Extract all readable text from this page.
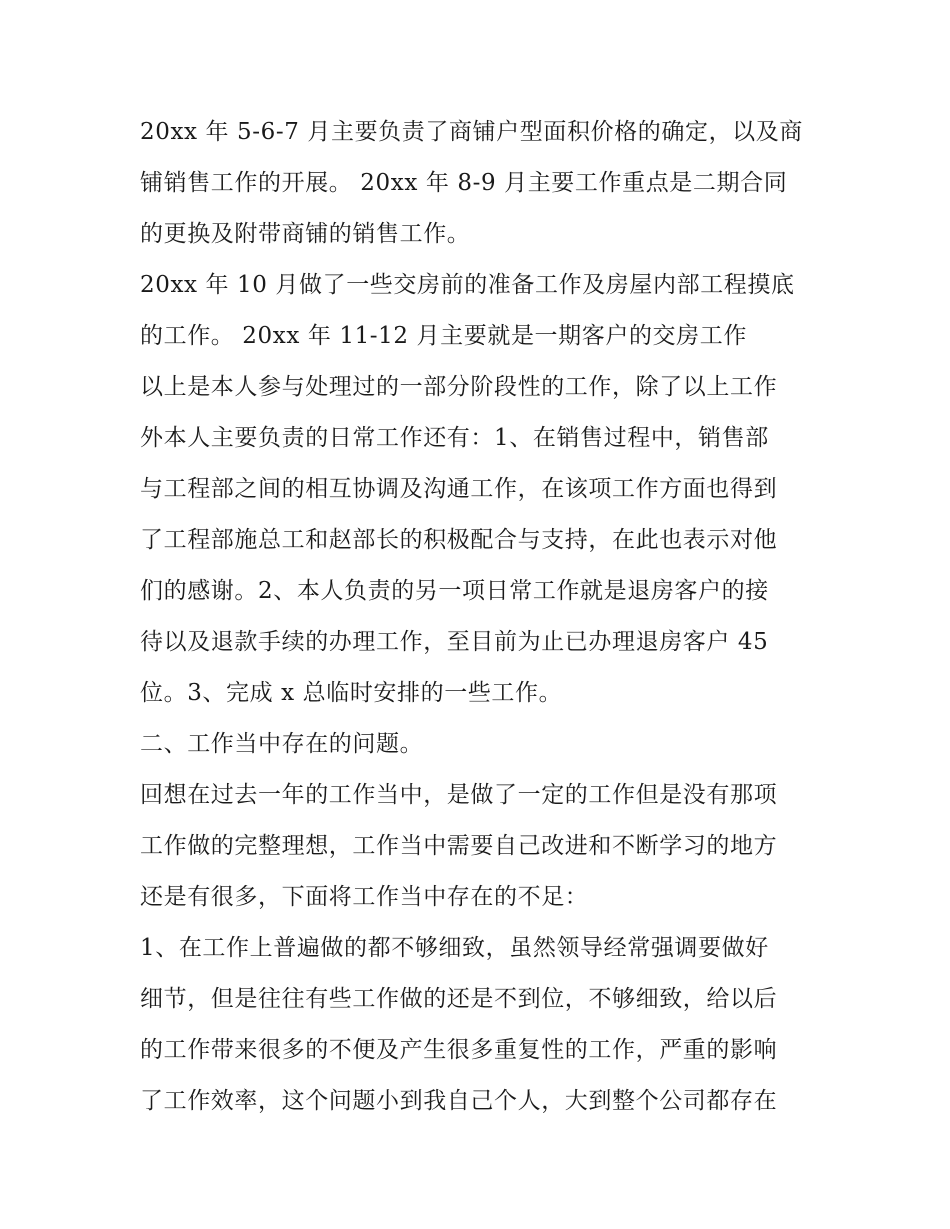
20xx 年 5-6-7 月主要负责了商铺户型面积价格的确定，以及商
铺销售工作的开展。 20xx 年 8-9 月主要工作重点是二期合同
的更换及附带商铺的销售工作。

20xx 年 10 月做了一些交房前的准备工作及房屋内部工程摸底
的工作。 20xx 年 11-12 月主要就是一期客户的交房工作

以上是本人参与处理过的一部分阶段性的工作，除了以上工作
外本人主要负责的日常工作还有：1、在销售过程中，销售部
与工程部之间的相互协调及沟通工作，在该项工作方面也得到
了工程部施总工和赵部长的积极配合与支持，在此也表示对他
们的感谢。2、本人负责的另一项日常工作就是退房客户的接
待以及退款手续的办理工作，至目前为止已办理退房客户 45
位。3、完成 x 总临时安排的一些工作。

二、工作当中存在的问题。

回想在过去一年的工作当中，是做了一定的工作但是没有那项
工作做的完整理想，工作当中需要自己改进和不断学习的地方
还是有很多，下面将工作当中存在的不足：

1、在工作上普遍做的都不够细致，虽然领导经常强调要做好
细节，但是往往有些工作做的还是不到位，不够细致，给以后
的工作带来很多的不便及产生很多重复性的工作，严重的影响
了工作效率，这个问题小到我自己个人，大到整个公司都存在
